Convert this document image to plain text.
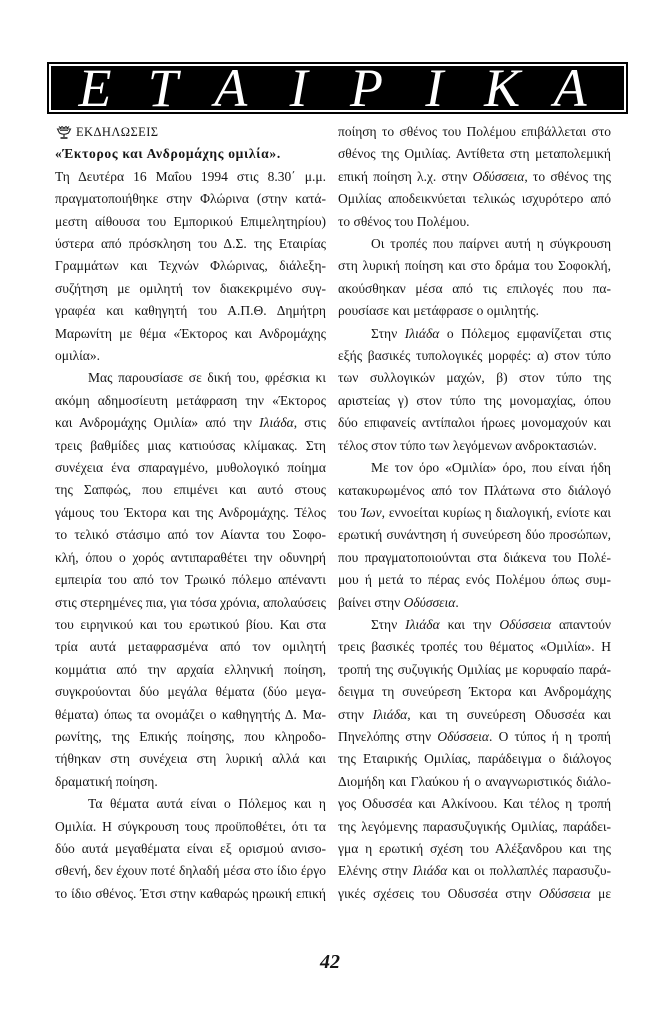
Ε Τ Α Ι Ρ Ι Κ Α
ΕΚΔΗΛΩΣΕΙΣ
«Έκτορος και Ανδρομάχης ομιλία».
Τη Δευτέρα 16 Μαΐου 1994 στις 8.30΄ μ.μ.
πραγματοποιήθηκε στην Φλώρινα (στην κατά-
μεστη αίθουσα του Εμπορικού Επιμελητηρίου)
ύστερα από πρόσκληση του Δ.Σ. της Εταιρίας
Γραμμάτων και Τεχνών Φλώρινας, διάλεξη-
συζήτηση με ομιλητή τον διακεκριμένο συγ-
γραφέα και καθηγητή του Α.Π.Θ. Δημήτρη
Μαρωνίτη με θέμα «Έκτορος και Ανδρομάχης
ομιλία».
Μας παρουσίασε σε δική του, φρέσκια κι
ακόμη αδημοσίευτη μετάφραση την «Έκτορος
και Ανδρομάχης Ομιλία» από την Ιλιάδα, στις
τρεις βαθμίδες μιας κατιούσας κλίμακας. Στη
συνέχεια ένα σπαραγμένο, μυθολογικό ποίημα
της Σαπφώς, που επιμένει και αυτό στους
γάμους του Έκτορα και της Ανδρομάχης. Τέλος
το τελικό στάσιμο από τον Αίαντα του Σοφο-
κλή, όπου ο χορός αντιπαραθέτει την οδυνηρή
εμπειρία του από τον Τρωικό πόλεμο απέναντι
στις στερημένες πια, για τόσα χρόνια, απολαύσεις
του ειρηνικού και του ερωτικού βίου. Και στα
τρία αυτά μεταφρασμένα από τον ομιλητή
κομμάτια από την αρχαία ελληνική ποίηση,
συγκρούονται δύο μεγάλα θέματα (δύο μεγα-
θέματα) όπως τα ονομάζει ο καθηγητής Δ. Μα-
ρωνίτης, της Επικής ποίησης, που κληροδο-
τήθηκαν στη συνέχεια στη λυρική αλλά και
δραματική ποίηση.
Τα θέματα αυτά είναι ο Πόλεμος και η
Ομιλία. Η σύγκρουση τους προϋποθέτει, ότι τα
δύο αυτά μεγαθέματα είναι εξ ορισμού ανισο-
σθενή, δεν έχουν ποτέ δηλαδή μέσα στο ίδιο έργο
το ίδιο σθένος. Έτσι στην καθαρώς ηρωική επική
ποίηση το σθένος του Πολέμου επιβάλλεται στο
σθένος της Ομιλίας. Αντίθετα στη μεταπολεμική
επική ποίηση λ.χ. στην Οδύσσεια, το σθένος της
Ομιλίας αποδεικνύεται τελικώς ισχυρότερο από
το σθένος του Πολέμου.
Οι τροπές που παίρνει αυτή η σύγκρουση
στη λυρική ποίηση και στο δράμα του Σοφοκλή,
ακούσθηκαν μέσα από τις επιλογές που πα-
ρουσίασε και μετάφρασε ο ομιλητής.
Στην Ιλιάδα ο Πόλεμος εμφανίζεται στις
εξής βασικές τυπολογικές μορφές: α) στον τύπο
των συλλογικών μαχών, β) στον τύπο της
αριστείας γ) στον τύπο της μονομαχίας, όπου
δύο επιφανείς αντίπαλοι ήρωες μονομαχούν και
τέλος στον τύπο των λεγόμενων ανδροκτασιών.
Με τον όρο «Ομιλία» όρο, που είναι ήδη
κατακυρωμένος από τον Πλάτωνα στο διάλογό
του Ίων, εννοείται κυρίως η διαλογική, ενίοτε και
ερωτική συνάντηση ή συνεύρεση δύο προσώπων,
που πραγματοποιούνται στα διάκενα του Πολέ-
μου ή μετά το πέρας ενός Πολέμου όπως συμ-
βαίνει στην Οδύσσεια.
Στην Ιλιάδα και την Οδύσσεια απαντούν
τρεις βασικές τροπές του θέματος «Ομιλία». Η
τροπή της συζυγικής Ομιλίας με κορυφαίο παρά-
δειγμα τη συνεύρεση Έκτορα και Ανδρομάχης
στην Ιλιάδα, και τη συνεύρεση Οδυσσέα και
Πηνελόπης στην Οδύσσεια. Ο τύπος ή η τροπή
της Εταιρικής Ομιλίας, παράδειγμα ο διάλογος
Διομήδη και Γλαύκου ή ο αναγνωριστικός διάλο-
γος Οδυσσέα και Αλκίνοου. Και τέλος η τροπή
της λεγόμενης παρασυζυγικής Ομιλίας, παράδει-
γμα η ερωτική σχέση του Αλέξανδρου και της
Ελένης στην Ιλιάδα και οι πολλαπλές παρασυζυ-
γικές σχέσεις του Οδυσσέα στην Οδύσσεια με
42
